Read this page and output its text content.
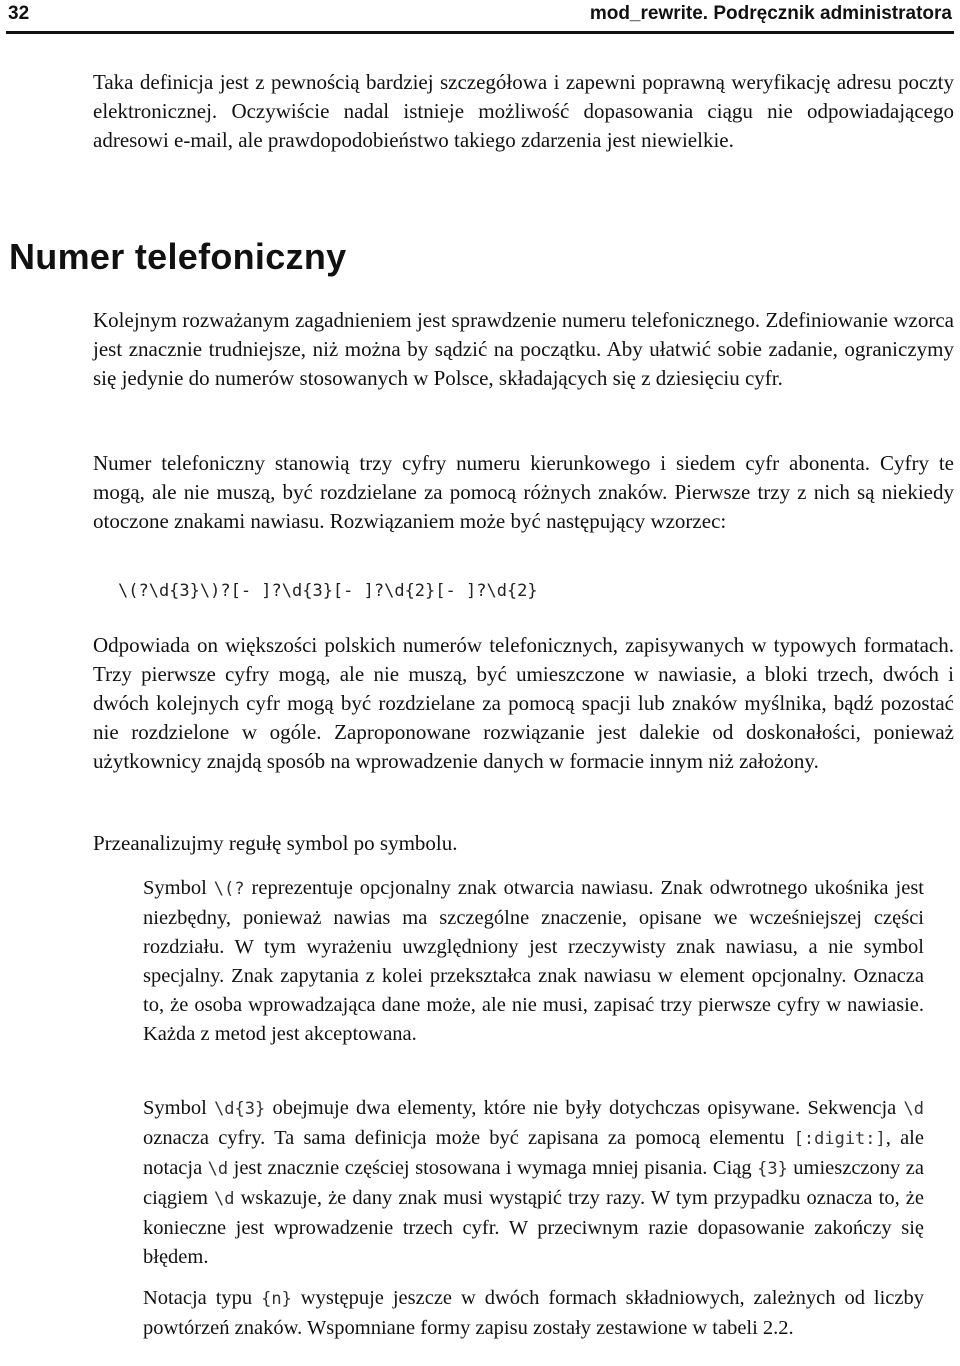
32	mod_rewrite. Podręcznik administratora

Taka definicja jest z pewnością bardziej szczegółowa i zapewni poprawną weryfikację adresu poczty elektronicznej. Oczywiście nadal istnieje możliwość dopasowania ciągu nie odpowiadającego adresowi e-mail, ale prawdopodobieństwo takiego zdarzenia jest niewielkie.

Numer telefoniczny

Kolejnym rozważanym zagadnieniem jest sprawdzenie numeru telefonicznego. Zdefiniowanie wzorca jest znacznie trudniejsze, niż można by sądzić na początku. Aby ułatwić sobie zadanie, ograniczymy się jedynie do numerów stosowanych w Polsce, składających się z dziesięciu cyfr.

Numer telefoniczny stanowią trzy cyfry numeru kierunkowego i siedem cyfr abonenta. Cyfry te mogą, ale nie muszą, być rozdzielane za pomocą różnych znaków. Pierwsze trzy z nich są niekiedy otoczone znakami nawiasu. Rozwiązaniem może być następujący wzorzec:

\(?\d{3}\)?[- ]?\d{3}[- ]?\d{2}[- ]?\d{2}

Odpowiada on większości polskich numerów telefonicznych, zapisywanych w typowych formatach. Trzy pierwsze cyfry mogą, ale nie muszą, być umieszczone w nawiasie, a bloki trzech, dwóch i dwóch kolejnych cyfr mogą być rozdzielane za pomocą spacji lub znaków myślnika, bądź pozostać nie rozdzielone w ogóle. Zaproponowane rozwiązanie jest dalekie od doskonałości, ponieważ użytkownicy znajdą sposób na wprowadzenie danych w formacie innym niż założony.

Przeanalizujmy regułę symbol po symbolu.

Symbol \(? reprezentuje opcjonalny znak otwarcia nawiasu. Znak odwrotnego ukośnika jest niezbędny, ponieważ nawias ma szczególne znaczenie, opisane we wcześniejszej części rozdziału. W tym wyrażeniu uwzględniony jest rzeczywisty znak nawiasu, a nie symbol specjalny. Znak zapytania z kolei przekształca znak nawiasu w element opcjonalny. Oznacza to, że osoba wprowadzająca dane może, ale nie musi, zapisać trzy pierwsze cyfry w nawiasie. Każda z metod jest akceptowana.

Symbol \d{3} obejmuje dwa elementy, które nie były dotychczas opisywane. Sekwencja \d oznacza cyfry. Ta sama definicja może być zapisana za pomocą elementu [:digit:], ale notacja \d jest znacznie częściej stosowana i wymaga mniej pisania. Ciąg {3} umieszczony za ciągiem \d wskazuje, że dany znak musi wystąpić trzy razy. W tym przypadku oznacza to, że konieczne jest wprowadzenie trzech cyfr. W przeciwnym razie dopasowanie zakończy się błędem.

Notacja typu {n} występuje jeszcze w dwóch formach składniowych, zależnych od liczby powtórzeń znaków. Wspomniane formy zapisu zostały zestawione w tabeli 2.2.
